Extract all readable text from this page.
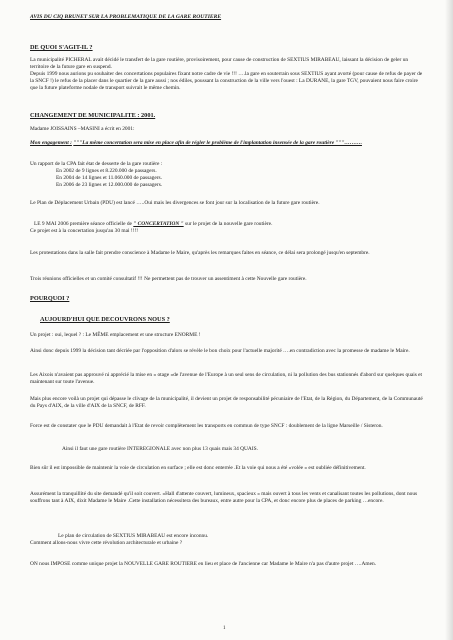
AVIS DU CIQ BRUNET SUR LA PROBLEMATIQUE DE LA GARE ROUTIERE
DE QUOI S'AGIT-IL ?
La municipalité PICHERAL avait décidé le transfert de la gare routière, provisoirement, pour cause de construction de SEXTIUS MIRABEAU, laissant la décision de geler un territoire de la future gare en suspend.
Depuis 1999 nous aurions pu souhaiter des concertations populaires fixant notre cadre de vie !!! ….la gare en souterrain sous SEXTIUS ayant avorté (pour cause de refus de payer de la SNCF !) le refus de la placer dans le quartier de la gare aussi ; nos édiles, poussant la construction de la ville vers l'ouest : La DURANE, la gare TGV, pouvaient nous faire croire que la future plateforme nodale de transport suivrait le même chemin.
CHANGEMENT DE MUNICIPALITE : 2001.
Madame JOISSAINS –MASINI a écrit en 2001:
Mon engagement : """La même concertation sera mise en place afin de régler le problème de l'implantation insensée de la gare routière """……….
Un rapport de la CPA fait état de desserte de la gare routière :
En 2002 de 9 lignes et 8.220.000 de passagers.
En 2004 de 14 lignes et 11.060.000 de passagers.
En 2006 de 23 lignes et 12.000.000 de passagers.
Le Plan de Déplacement Urbain (PDU) est lancé …..Oui mais les divergences se font jour sur la localisation de la future gare routière.
LE 9 MAI 2006 première séance officielle de " CONCERTATION " sur le projet de la nouvelle gare routière.
Ce projet est à la concertation jusqu'au 30 mai !!!!
Les protestations dans la salle fait prendre conscience à Madame le Maire, qu'après les remarques faites en séance, ce délai sera prolongé jusqu'en septembre.
Trois réunions officielles et un comité consultatif !!! Ne permettent pas de trouver un assentiment à cette Nouvelle gare routière.
POURQUOI ?
AUJOURD'HUI QUE DECOUVRONS NOUS ?
Un projet : oui, lequel ? : Le MÊME emplacement et une structure ENORME !
Ainsi donc depuis 1999 la décision tant décriée par l'opposition d'alors se révèle le bon choix pour l'actuelle majorité ….en contradiction avec la promesse de madame le Maire.
Les Aixois n'avaient pas approuvé ni apprécié la mise en « otage »de l'avenue de l'Europe à un seul sens de circulation, ni la pollution des bus stationnés d'abord sur quelques quais et maintenant sur toute l'avenue.
Mais plus encore voilà un projet qui dépasse le clivage de la municipalité, il devient un projet de responsabilité pécuniaire de l'Etat, de la Région, du Département, de la Communauté du Pays d'AIX, de la ville d'AIX de la SNCF, de RFF.
Force est de constater que le PDU demandait à l'Etat de revoir complètement les transports en commun de type SNCF : doublement de la ligne Marseille / Sisteron.
Ainsi il faut une gare routière INTEREGIONALE avec non plus 13 quais mais 34 QUAIS.
Bien sûr il est impossible de maintenir la voie de circulation en surface ; elle est donc enterrée .Et la voie qui nous a été «volée » est oubliée définitivement.
Assurément la tranquillité du site demandé qu'il soit couvert. «Hall d'attente couvert, lumineux, spacieux » mais ouvert à tous les vents et canalisant toutes les pollutions, dont nous souffrons tant à AIX, dixit Madame le Maire .Cette installation nécessitera des bureaux, entre autre pour la CPA, et donc encore plus de places de parking …encore.
Le plan de circulation de SEXTIUS MIRABEAU est encore inconnu.
Comment allons-nous vivre cette révolution architecturale et urbaine ?
ON nous IMPOSE comme unique projet la NOUVELLE GARE ROUTIERE en lieu et place de l'ancienne car Madame le Maire n'a pas d'autre projet ….Amen.
1
